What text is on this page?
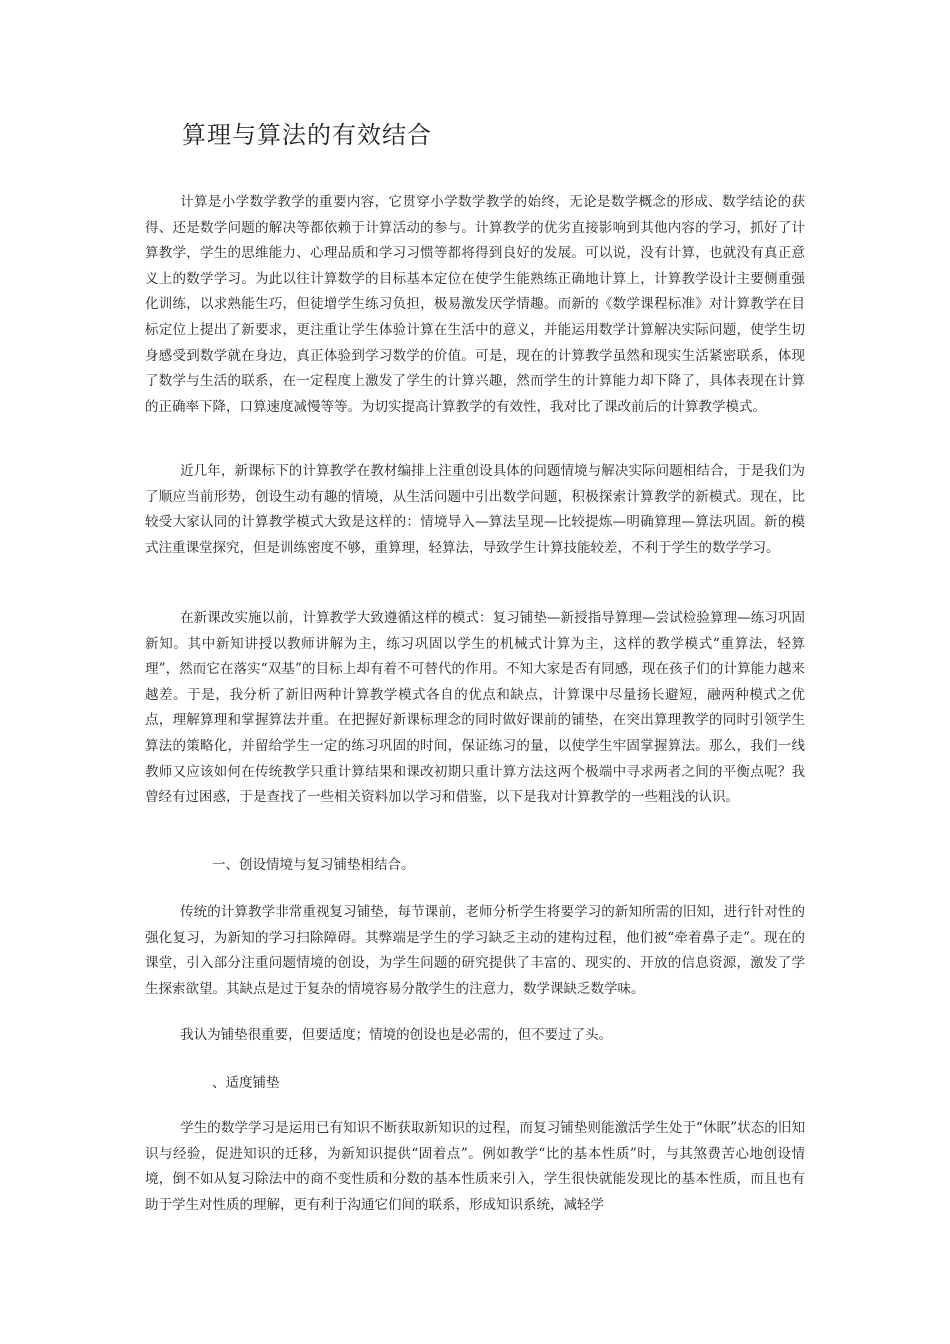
算理与算法的有效结合

计算是小学数学教学的重要内容，它贯穿小学数学教学的始终，无论是数学概念的形成、数学结论的获得、还是数学问题的解决等都依赖于计算活动的参与。计算教学的优劣直接影响到其他内容的学习，抓好了计算教学，学生的思维能力、心理品质和学习习惯等都将得到良好的发展。可以说，没有计算，也就没有真正意义上的数学学习。为此以往计算数学的目标基本定位在使学生能熟练正确地计算上，计算教学设计主要侧重强化训练，以求熟能生巧，但徒增学生练习负担，极易激发厌学情趣。而新的《数学课程标准》对计算教学在目标定位上提出了新要求，更注重让学生体验计算在生活中的意义，并能运用数学计算解决实际问题，使学生切身感受到数学就在身边，真正体验到学习数学的价值。可是，现在的计算教学虽然和现实生活紧密联系，体现了数学与生活的联系，在一定程度上激发了学生的计算兴趣，然而学生的计算能力却下降了，具体表现在计算的正确率下降，口算速度减慢等等。为切实提高计算教学的有效性，我对比了课改前后的计算教学模式。

近几年，新课标下的计算教学在教材编排上注重创设具体的问题情境与解决实际问题相结合，于是我们为了顺应当前形势，创设生动有趣的情境，从生活问题中引出数学问题，积极探索计算教学的新模式。现在，比较受大家认同的计算教学模式大致是这样的：情境导入—算法呈现—比较提炼—明确算理—算法巩固。新的模式注重课堂探究，但是训练密度不够，重算理，轻算法，导致学生计算技能较差，不利于学生的数学学习。

在新课改实施以前，计算教学大致遵循这样的模式：复习铺垫—新授指导算理—尝试检验算理—练习巩固新知。其中新知讲授以教师讲解为主，练习巩固以学生的机械式计算为主，这样的教学模式“重算法，轻算理”，然而它在落实“双基”的目标上却有着不可替代的作用。不知大家是否有同感，现在孩子们的计算能力越来越差。于是，我分析了新旧两种计算教学模式各自的优点和缺点，计算课中尽量扬长避短，融两种模式之优点，理解算理和掌握算法并重。在把握好新课标理念的同时做好课前的铺垫，在突出算理教学的同时引领学生算法的策略化，并留给学生一定的练习巩固的时间，保证练习的量，以使学生牢固掌握算法。那么，我们一线教师又应该如何在传统教学只重计算结果和课改初期只重计算方法这两个极端中寻求两者之间的平衡点呢？我曾经有过困惑，于是查找了一些相关资料加以学习和借鉴，以下是我对计算教学的一些粗浅的认识。

一、创设情境与复习铺垫相结合。

传统的计算教学非常重视复习铺垫，每节课前，老师分析学生将要学习的新知所需的旧知，进行针对性的强化复习，为新知的学习扫除障碍。其弊端是学生的学习缺乏主动的建构过程，他们被“牵着鼻子走”。现在的课堂，引入部分注重问题情境的创设，为学生问题的研究提供了丰富的、现实的、开放的信息资源，激发了学生探索欲望。其缺点是过于复杂的情境容易分散学生的注意力，数学课缺乏数学味。

我认为铺垫很重要，但要适度；情境的创设也是必需的，但不要过了头。

、适度铺垫

学生的数学学习是运用已有知识不断获取新知识的过程，而复习铺垫则能激活学生处于“休眠”状态的旧知识与经验，促进知识的迁移，为新知识提供“固着点”。例如教学“比的基本性质”时，与其煞费苦心地创设情境，倒不如从复习除法中的商不变性质和分数的基本性质来引入，学生很快就能发现比的基本性质，而且也有助于学生对性质的理解，更有利于沟通它们间的联系，形成知识系统，减轻学
